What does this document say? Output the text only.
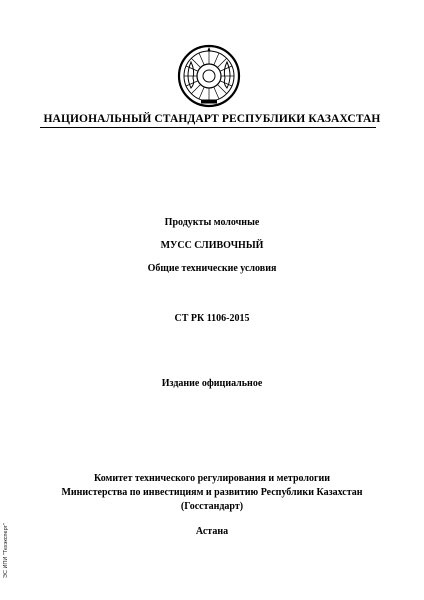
НАЦИОНАЛЬНЫЙ СТАНДАРТ РЕСПУБЛИКИ КАЗАХСТАН
Продукты молочные
МУСС СЛИВОЧНЫЙ
Общие технические условия
СТ РК 1106-2015
Издание официальное
Комитет технического регулирования и метрологии
Министерства по инвестициям и развитию Республики Казахстан
(Госстандарт)
Астана
ЭС ИПИ "Техэксперт"
